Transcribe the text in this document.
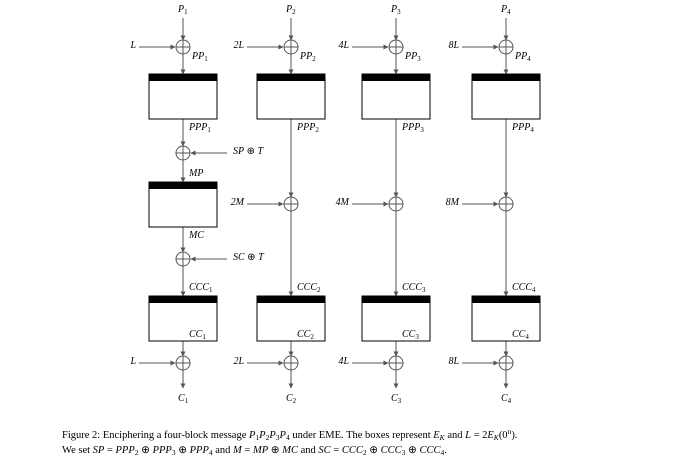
$P_1$
L
$PP_1$
$PPP_1$
SP ⊕ T
MP
MC
SC ⊕ T
$CCC_1$
$CC_1$
L
$C_1$
$P_2$
2L
$PP_2$
$PPP_2$
2M
$CCC_2$
$CC_2$
2L
$C_2$
$P_3$
4L
$PP_3$
$PPP_3$
4M
$CCC_3$
$CC_3$
4L
$C_3$
$P_4$
8L
$PP_4$
$PPP_4$
8M
$CCC_4$
$CC_4$
8L
$C_4$
Figure 2: Enciphering a four-block message $P_1P_2P_3P_4$ under EME. The boxes represent $E_K$ and $L = 2E_K(0^n)$.
We set SP = $PPP_2$ ⊕ $PPP_3$ ⊕ $PPP_4$ and M = MP ⊕ MC and SC = $CCC_2$ ⊕ $CCC_3$ ⊕ $CCC_4$.
